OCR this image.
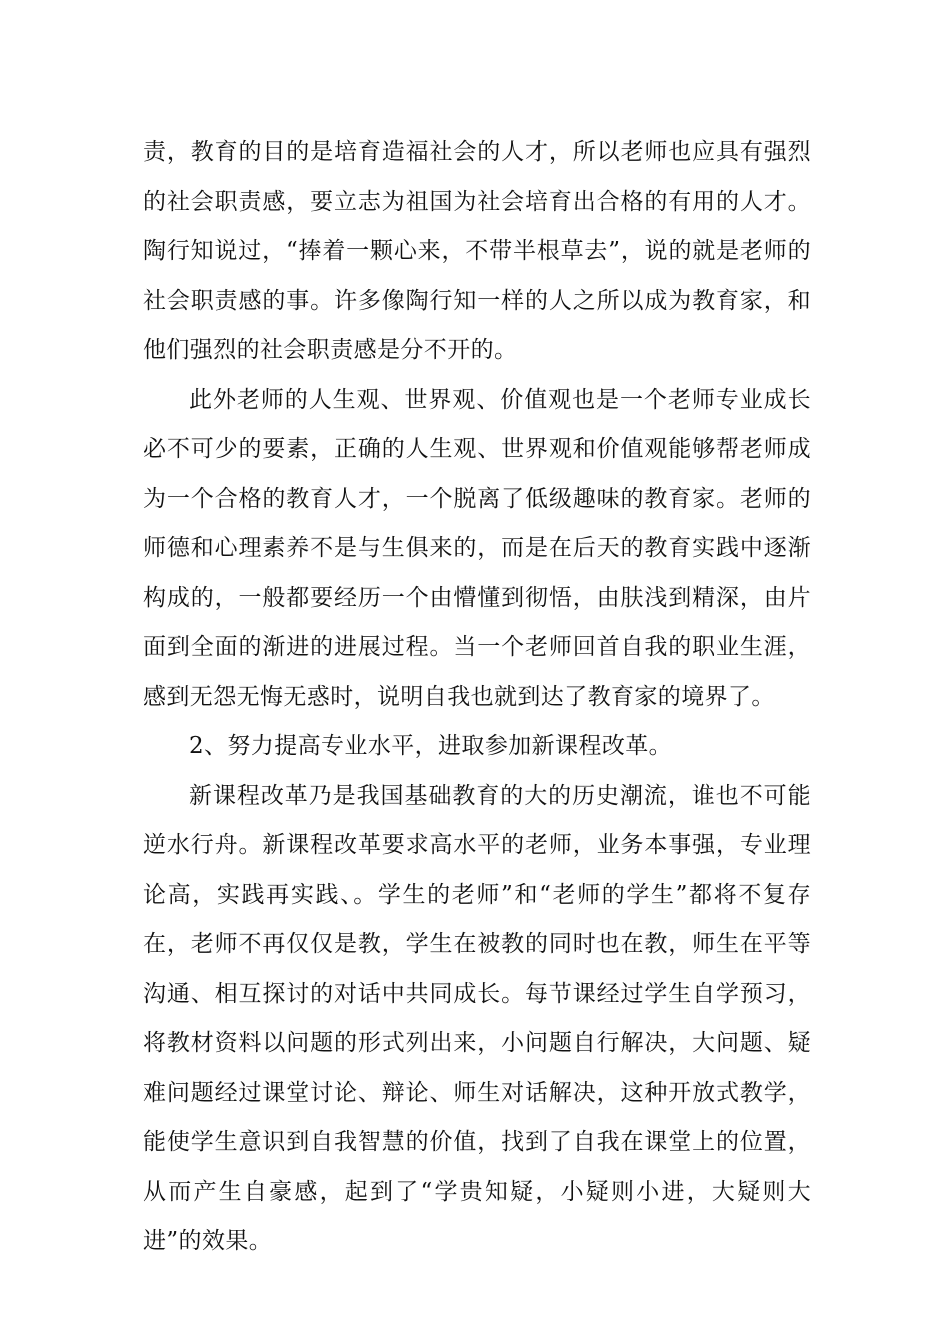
责，教育的目的是培育造福社会的人才，所以老师也应具有强烈的社会职责感，要立志为祖国为社会培育出合格的有用的人才。陶行知说过，“捧着一颗心来，不带半根草去”，说的就是老师的社会职责感的事。许多像陶行知一样的人之所以成为教育家，和他们强烈的社会职责感是分不开的。

此外老师的人生观、世界观、价值观也是一个老师专业成长必不可少的要素，正确的人生观、世界观和价值观能够帮老师成为一个合格的教育人才，一个脱离了低级趣味的教育家。老师的师德和心理素养不是与生俱来的，而是在后天的教育实践中逐渐构成的，一般都要经历一个由懵懂到彻悟，由肤浅到精深，由片面到全面的渐进的进展过程。当一个老师回首自我的职业生涯，感到无怨无悔无惑时，说明自我也就到达了教育家的境界了。

2、努力提高专业水平，进取参加新课程改革。

新课程改革乃是我国基础教育的大的历史潮流，谁也不可能逆水行舟。新课程改革要求高水平的老师，业务本事强，专业理论高，实践再实践、。学生的老师”和“老师的学生”都将不复存在，老师不再仅仅是教，学生在被教的同时也在教，师生在平等沟通、相互探讨的对话中共同成长。每节课经过学生自学预习，将教材资料以问题的形式列出来，小问题自行解决，大问题、疑难问题经过课堂讨论、辩论、师生对话解决，这种开放式教学，能使学生意识到自我智慧的价值，找到了自我在课堂上的位置，从而产生自豪感，起到了“学贵知疑，小疑则小进，大疑则大进”的效果。
